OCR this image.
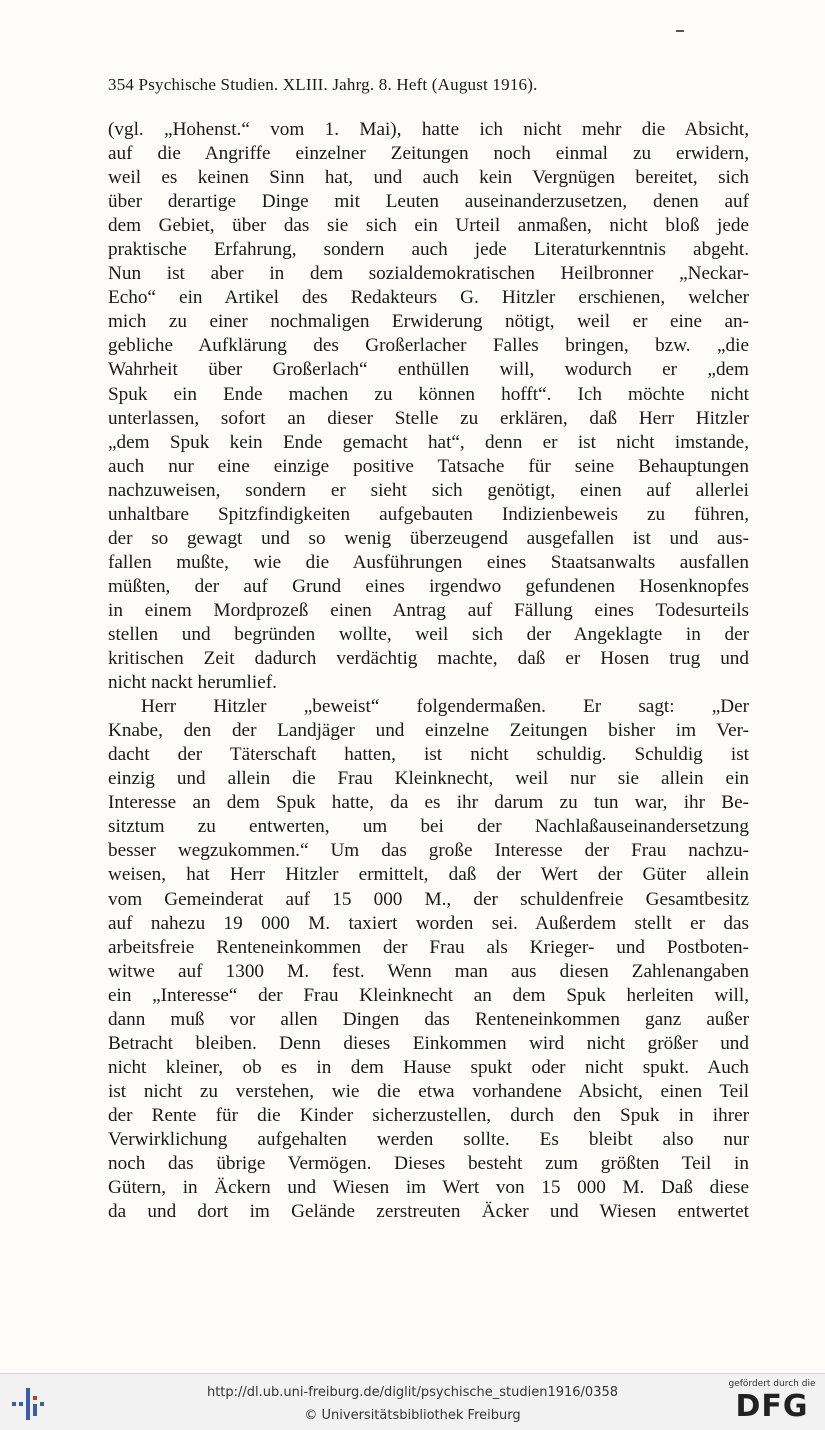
354 Psychische Studien. XLIII. Jahrg. 8. Heft (August 1916).
(vgl. „Hohenst.“ vom 1. Mai), hatte ich nicht mehr die Absicht,
auf die Angriffe einzelner Zeitungen noch einmal zu erwidern,
weil es keinen Sinn hat, und auch kein Vergnügen bereitet, sich
über derartige Dinge mit Leuten auseinanderzusetzen, denen auf
dem Gebiet, über das sie sich ein Urteil anmaßen, nicht bloß jede
praktische Erfahrung, sondern auch jede Literaturkenntnis abgeht.
Nun ist aber in dem sozialdemokratischen Heilbronner „Neckar-
Echo“ ein Artikel des Redakteurs G. Hitzler erschienen, welcher
mich zu einer nochmaligen Erwiderung nötigt, weil er eine an-
gebliche Aufklärung des Großerlacher Falles bringen, bzw. „die
Wahrheit über Großerlach“ enthüllen will, wodurch er „dem
Spuk ein Ende machen zu können hofft“. Ich möchte nicht
unterlassen, sofort an dieser Stelle zu erklären, daß Herr Hitzler
„dem Spuk kein Ende gemacht hat“, denn er ist nicht imstande,
auch nur eine einzige positive Tatsache für seine Behauptungen
nachzuweisen, sondern er sieht sich genötigt, einen auf allerlei
unhaltbare Spitzfindigkeiten aufgebauten Indizienbeweis zu führen,
der so gewagt und so wenig überzeugend ausgefallen ist und aus-
fallen mußte, wie die Ausführungen eines Staatsanwalts ausfallen
müßten, der auf Grund eines irgendwo gefundenen Hosenknopfes
in einem Mordprozeß einen Antrag auf Fällung eines Todesurteils
stellen und begründen wollte, weil sich der Angeklagte in der
kritischen Zeit dadurch verdächtig machte, daß er Hosen trug und
nicht nackt herumlief.
Herr Hitzler „beweist“ folgendermaßen. Er sagt: „Der
Knabe, den der Landjäger und einzelne Zeitungen bisher im Ver-
dacht der Täterschaft hatten, ist nicht schuldig. Schuldig ist
einzig und allein die Frau Kleinknecht, weil nur sie allein ein
Interesse an dem Spuk hatte, da es ihr darum zu tun war, ihr Be-
sitztum zu entwerten, um bei der Nachlaßauseinandersetzung
besser wegzukommen.“ Um das große Interesse der Frau nachzu-
weisen, hat Herr Hitzler ermittelt, daß der Wert der Güter allein
vom Gemeinderat auf 15 000 M., der schuldenfreie Gesamtbesitz
auf nahezu 19 000 M. taxiert worden sei. Außerdem stellt er das
arbeitsfreie Renteneinkommen der Frau als Krieger- und Postboten-
witwe auf 1300 M. fest. Wenn man aus diesen Zahlenangaben
ein „Interesse“ der Frau Kleinknecht an dem Spuk herleiten will,
dann muß vor allen Dingen das Renteneinkommen ganz außer
Betracht bleiben. Denn dieses Einkommen wird nicht größer und
nicht kleiner, ob es in dem Hause spukt oder nicht spukt. Auch
ist nicht zu verstehen, wie die etwa vorhandene Absicht, einen Teil
der Rente für die Kinder sicherzustellen, durch den Spuk in ihrer
Verwirklichung aufgehalten werden sollte. Es bleibt also nur
noch das übrige Vermögen. Dieses besteht zum größten Teil in
Gütern, in Äckern und Wiesen im Wert von 15 000 M. Daß diese
da und dort im Gelände zerstreuten Äcker und Wiesen entwertet
http://dl.ub.uni-freiburg.de/diglit/psychische_studien1916/0358
© Universitätsbibliothek Freiburg
gefördert durch die
DFG
